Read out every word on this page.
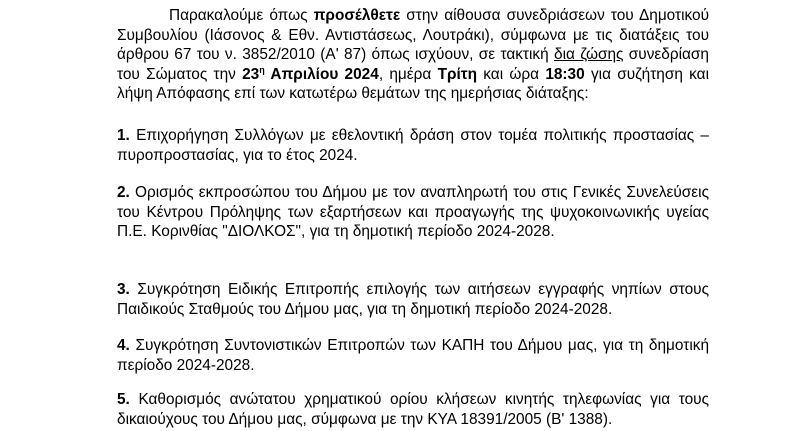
Παρακαλούμε όπως προσέλθετε στην αίθουσα συνεδριάσεων του Δημοτικού Συμβουλίου (Ιάσονος & Εθν. Αντιστάσεως, Λουτράκι), σύμφωνα με τις διατάξεις του άρθρου 67 του ν. 3852/2010 (Α' 87) όπως ισχύουν, σε τακτική δια ζώσης συνεδρίαση του Σώματος την $23^\eta$ Απριλίου 2024, ημέρα Τρίτη και ώρα 18:30 για συζήτηση και λήψη Απόφασης επί των κατωτέρω θεμάτων της ημερήσιας διάταξης:

1. Επιχορήγηση Συλλόγων με εθελοντική δράση στον τομέα πολιτικής προστασίας – πυροπροστασίας, για το έτος 2024.

2. Ορισμός εκπροσώπου του Δήμου με τον αναπληρωτή του στις Γενικές Συνελεύσεις του Κέντρου Πρόληψης των εξαρτήσεων και προαγωγής της ψυχοκοινωνικής υγείας Π.Ε. Κορινθίας "ΔΙΟΛΚΟΣ", για τη δημοτική περίοδο 2024-2028.

3. Συγκρότηση Ειδικής Επιτροπής επιλογής των αιτήσεων εγγραφής νηπίων στους Παιδικούς Σταθμούς του Δήμου μας, για τη δημοτική περίοδο 2024-2028.

4. Συγκρότηση Συντονιστικών Επιτροπών των ΚΑΠΗ του Δήμου μας, για τη δημοτική περίοδο 2024-2028.

5. Καθορισμός ανώτατου χρηματικού ορίου κλήσεων κινητής τηλεφωνίας για τους δικαιούχους του Δήμου μας, σύμφωνα με την ΚΥΑ 18391/2005 (Β' 1388).
